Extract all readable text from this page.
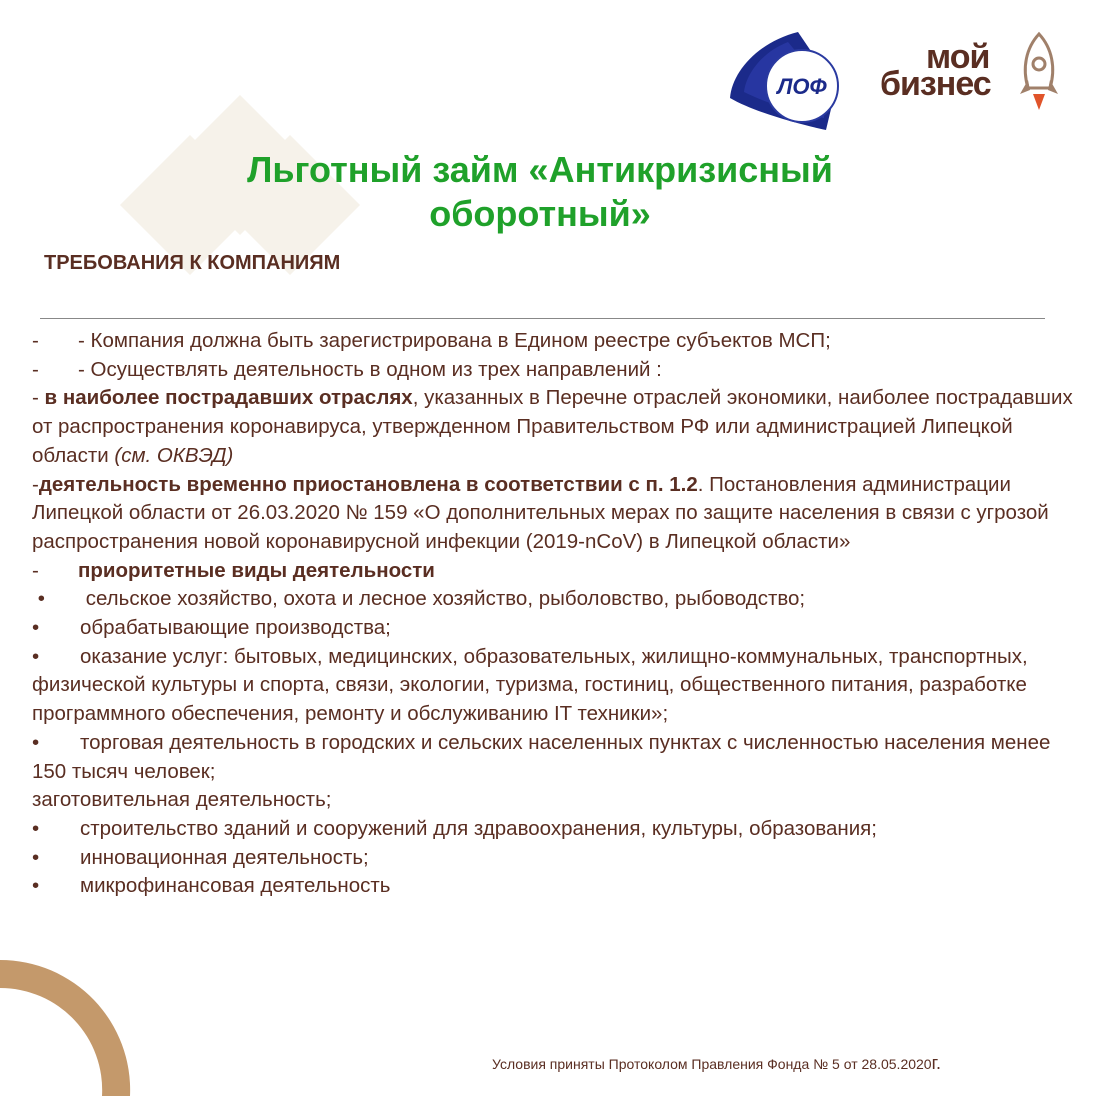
ЛОФ
мой
бизнес
Льготный займ «Антикризисный
оборотный»
ТРЕБОВАНИЯ К КОМПАНИЯМ

- - Компания должна быть зарегистрирована в Едином реестре субъектов МСП;

- - Осуществлять деятельность в одном из трех направлений :

- в наиболее пострадавших отраслях, указанных в Перечне отраслей экономики, наиболее пострадавших от распространения коронавируса, утвержденном Правительством РФ или администрацией Липецкой области (см. ОКВЭД)

-деятельность временно приостановлена в соответствии с п. 1.2. Постановления администрации Липецкой области от 26.03.2020 № 159 «О дополнительных мерах по защите населения в связи с угрозой распространения новой коронавирусной инфекции (2019-nCoV) в Липецкой области»

- приоритетные виды деятельности

• сельское хозяйство, охота и лесное хозяйство, рыболовство, рыбоводство;

• обрабатывающие производства;

• оказание услуг: бытовых, медицинских, образовательных, жилищно-коммунальных, транспортных, физической культуры и спорта, связи, экологии, туризма, гостиниц, общественного питания, разработке программного обеспечения, ремонту и обслуживанию IT техники»;

• торговая деятельность в городских и сельских населенных пунктах с численностью населения менее 150 тысяч человек;

заготовительная деятельность;

• строительство зданий и сооружений для здравоохранения, культуры, образования;

• инновационная деятельность;

• микрофинансовая деятельность

Условия приняты Протоколом Правления Фонда № 5 от 28.05.2020г.
